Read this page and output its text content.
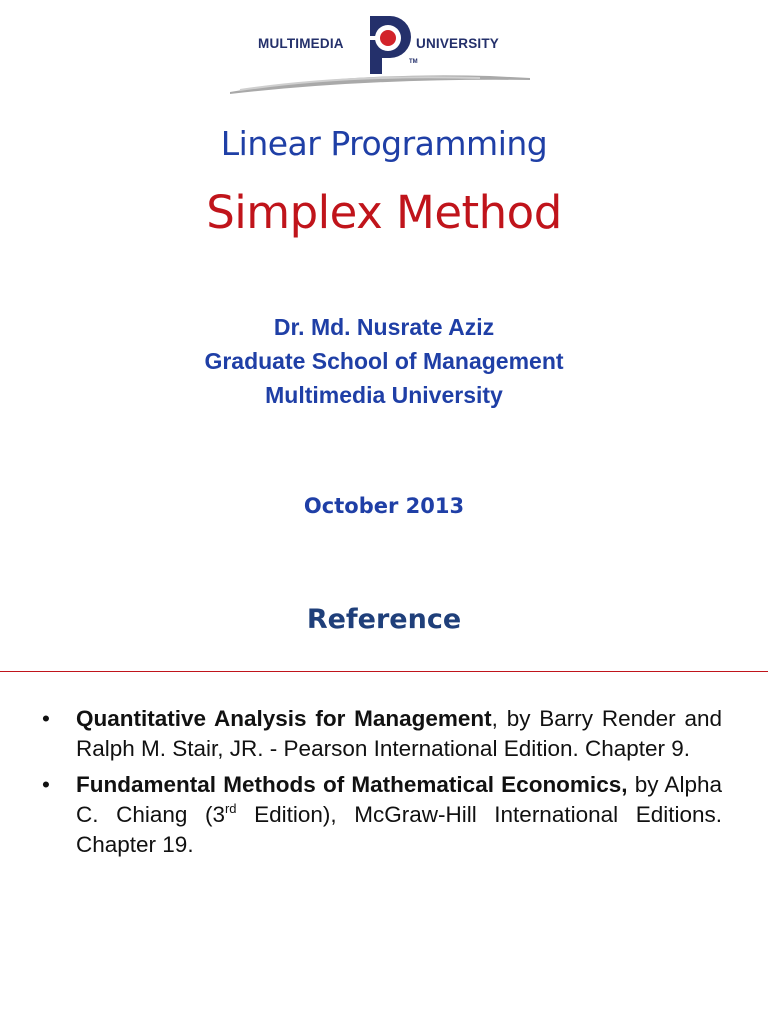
MULTIMEDIA	UNIVERSITY
TM
Linear Programming
Simplex Method
Dr. Md. Nusrate Aziz
Graduate School of Management
Multimedia University
October 2013
Reference
•	Quantitative Analysis for Management, by Barry Render and Ralph M. Stair, JR. - Pearson International Edition. Chapter 9.
•	Fundamental Methods of Mathematical Economics, by Alpha C. Chiang (3rd Edition), McGraw-Hill International Editions. Chapter 19.
